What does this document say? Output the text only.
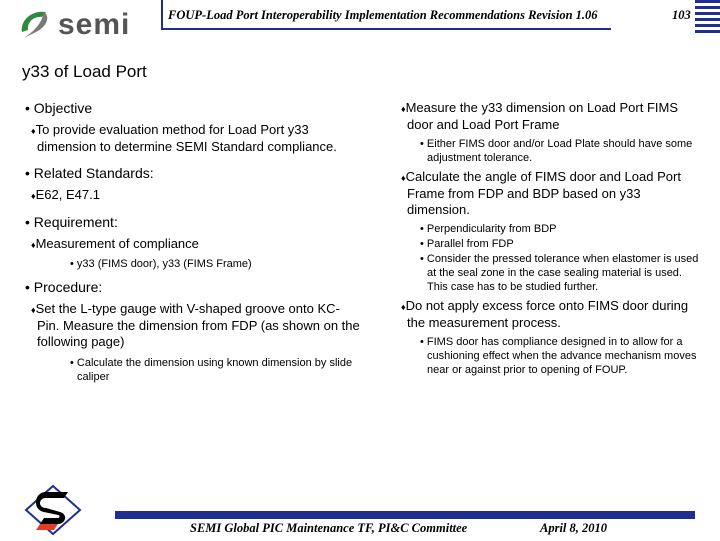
semi	FOUP-Load Port Interoperability Implementation Recommendations Revision 1.06	103
y33 of Load Port

• Objective

♦To provide evaluation method for Load Port y33 dimension to determine SEMI Standard compliance.

• Related Standards:

♦E62, E47.1

• Requirement:

♦Measurement of compliance

• y33 (FIMS door), y33 (FIMS Frame)

• Procedure:

♦Set the L-type gauge with V-shaped groove onto KC-Pin. Measure the dimension from FDP (as shown on the following page)

• Calculate the dimension using known dimension by slide caliper

♦Measure the y33 dimension on Load Port FIMS door and Load Port Frame

• Either FIMS door and/or Load Plate should have some adjustment tolerance.

♦Calculate the angle of FIMS door and Load Port Frame from FDP and BDP based on y33 dimension.

• Perpendicularity from BDP

• Parallel from FDP

• Consider the pressed tolerance when elastomer is used at the seal zone in the case sealing material is used. This case has to be studied further.

♦Do not apply excess force onto FIMS door during the measurement process.

• FIMS door has compliance designed in to allow for a cushioning effect when the advance mechanism moves near or against prior to opening of FOUP.

SEMI Global PIC Maintenance TF, PI&C Committee	April 8, 2010
